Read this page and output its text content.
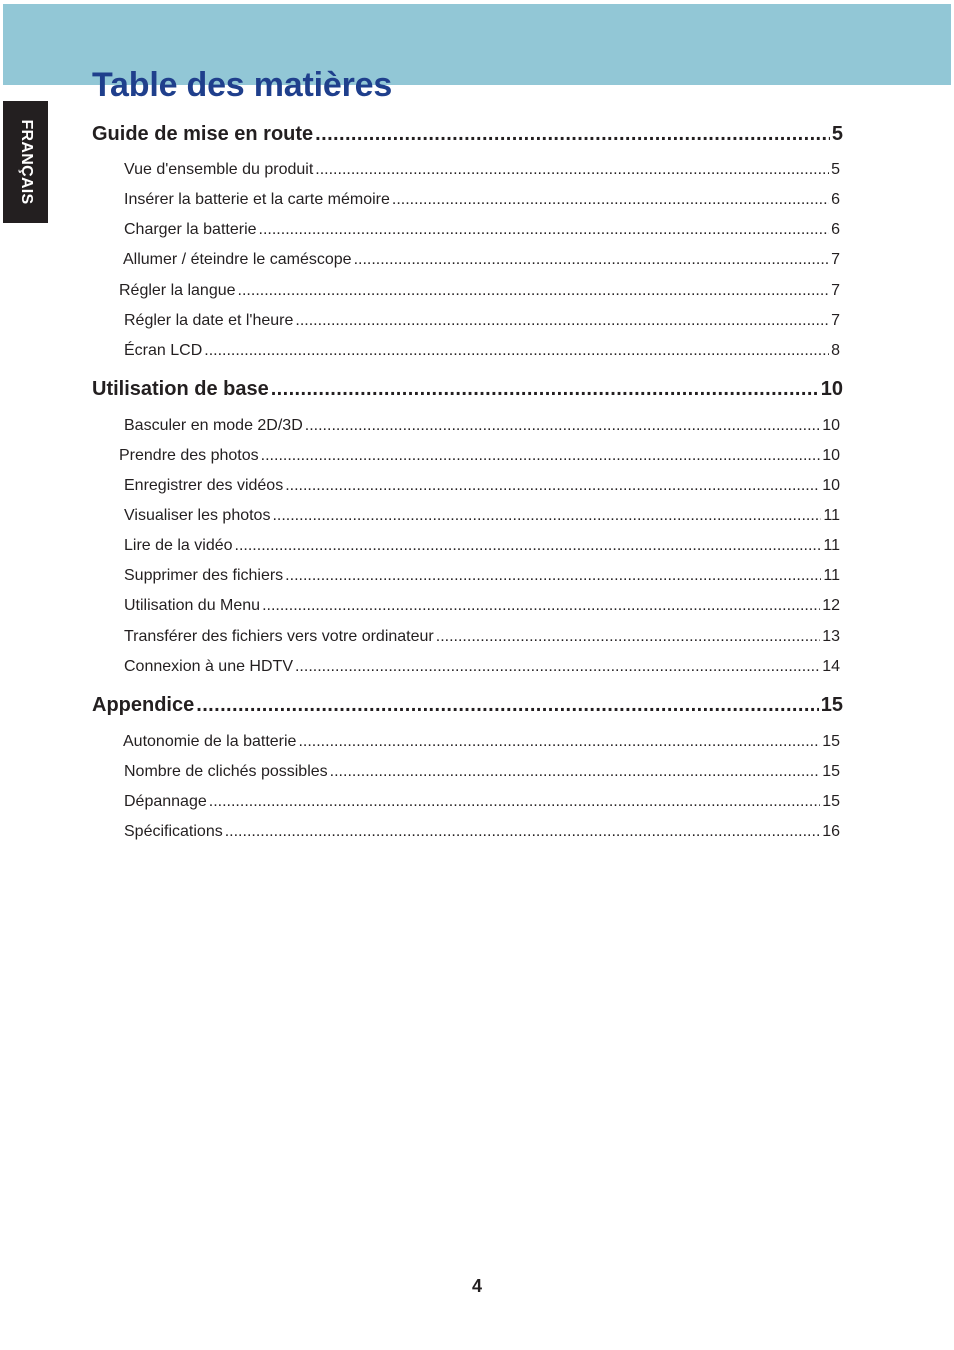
FRANÇAIS
Table des matières
Guide de mise en route .....	5
Vue d'ensemble du produit .....	5
Insérer la batterie et la carte mémoire .....	6
Charger la batterie .....	6
Allumer / éteindre le caméscope .....	7
Régler la langue .....	7
Régler la date et l'heure .....	7
Écran LCD .....	8
Utilisation de base .....	10
Basculer en mode 2D/3D .....	10
Prendre des photos .....	10
Enregistrer des vidéos .....	10
Visualiser les photos .....	11
Lire de la vidéo .....	11
Supprimer des fichiers .....	11
Utilisation du Menu .....	12
Transférer des fichiers vers votre ordinateur .....	13
Connexion à une HDTV .....	14
Appendice .....	15
Autonomie de la batterie .....	15
Nombre de clichés possibles .....	15
Dépannage .....	15
Spécifications .....	16
4
